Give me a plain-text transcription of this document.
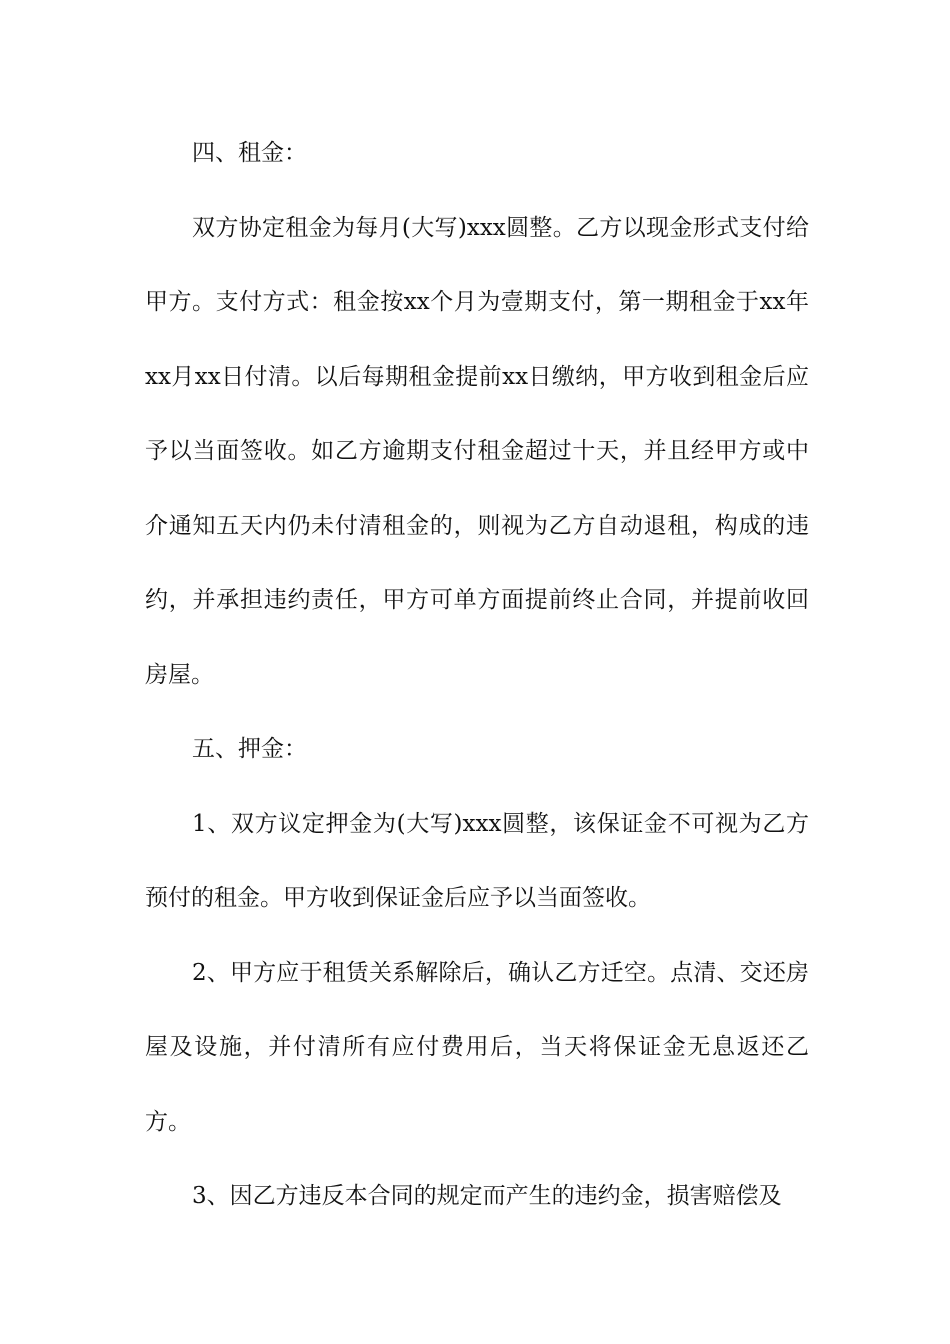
四、租金：

双方协定租金为每月(大写)xxx圆整。乙方以现金形式支付给甲方。支付方式：租金按xx个月为壹期支付，第一期租金于xx年xx月xx日付清。以后每期租金提前xx日缴纳，甲方收到租金后应予以当面签收。如乙方逾期支付租金超过十天，并且经甲方或中介通知五天内仍未付清租金的，则视为乙方自动退租，构成的违约，并承担违约责任，甲方可单方面提前终止合同，并提前收回房屋。

五、押金：

1、双方议定押金为(大写)xxx圆整，该保证金不可视为乙方预付的租金。甲方收到保证金后应予以当面签收。

2、甲方应于租赁关系解除后，确认乙方迁空。点清、交还房屋及设施，并付清所有应付费用后，当天将保证金无息返还乙方。

3、因乙方违反本合同的规定而产生的违约金，损害赔偿及
